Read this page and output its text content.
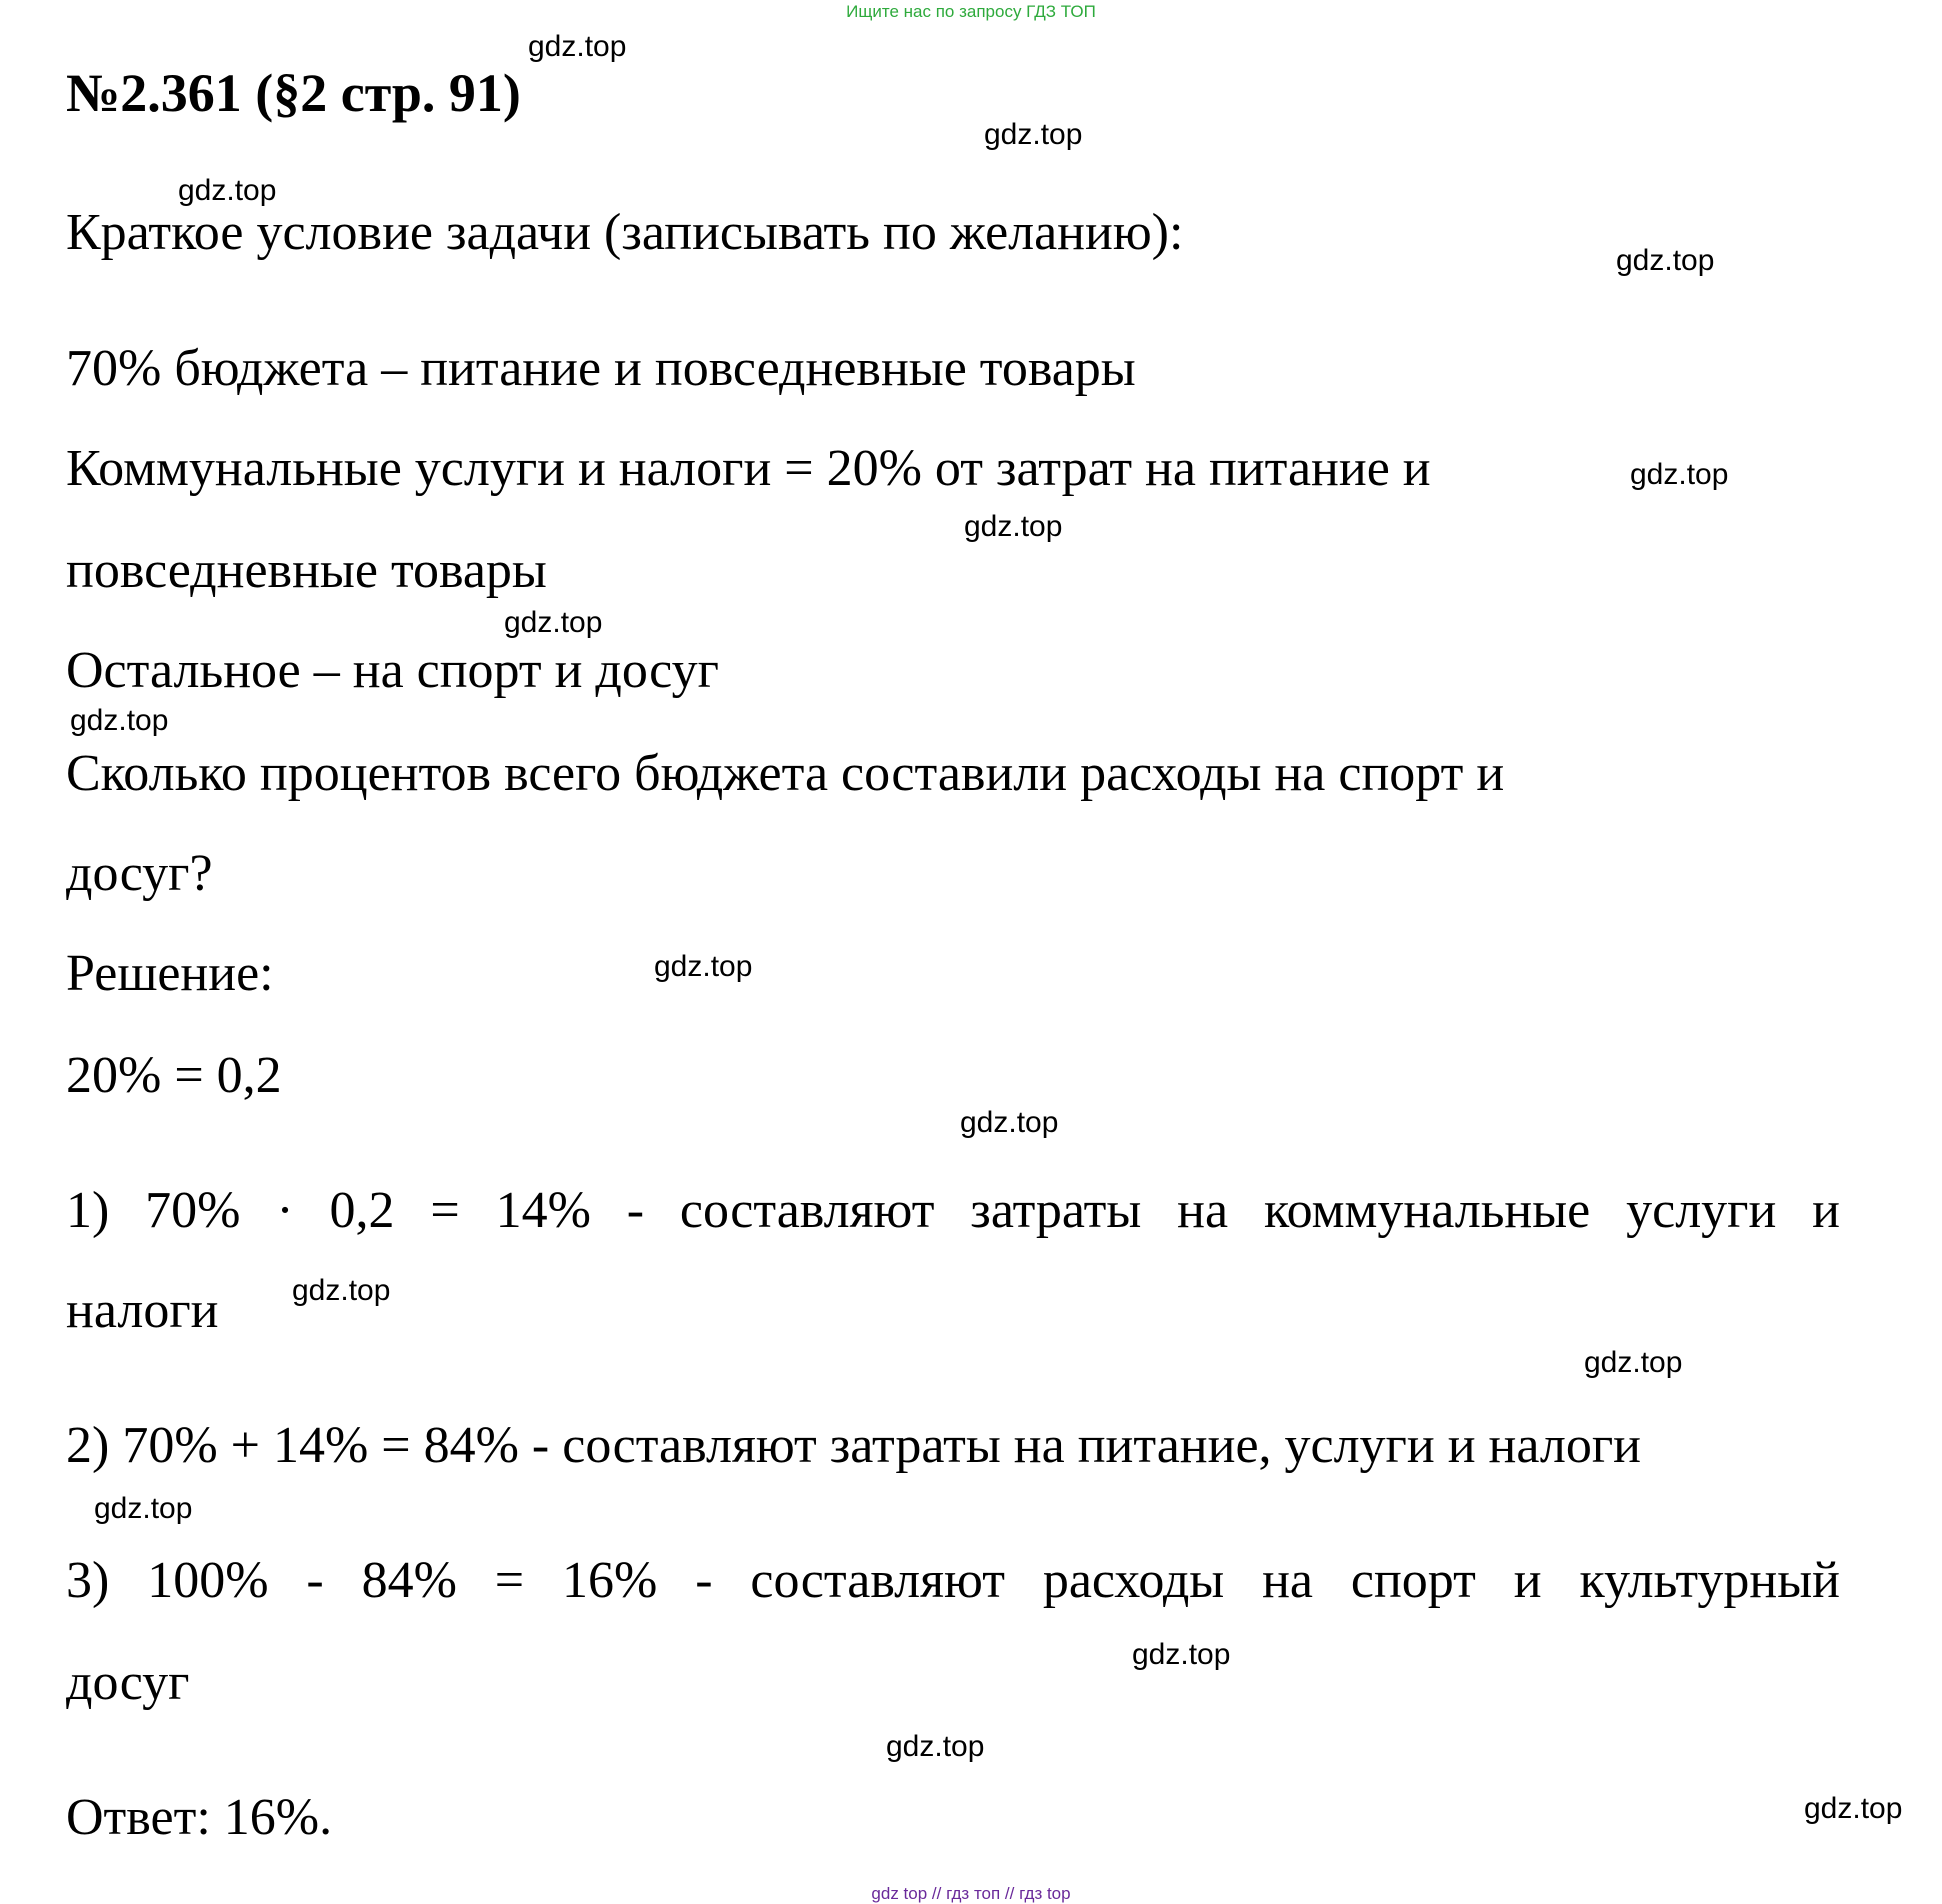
Ищите нас по запросу ГДЗ ТОП
№2.361 (§2 стр. 91)
Краткое условие задачи (записывать по желанию):
70% бюджета – питание и повседневные товары
Коммунальные услуги и налоги = 20% от затрат на питание и
повседневные товары
Остальное – на спорт и досуг
Сколько процентов всего бюджета составили расходы на спорт и
досуг?
Решение:
20% = 0,2
1) 70% · 0,2 = 14% - составляют затраты на коммунальные услуги и
налоги
2) 70% + 14% = 84% - составляют затраты на питание, услуги и налоги
3) 100% - 84% = 16% - составляют расходы на спорт и культурный
досуг
Ответ: 16%.
gdz.top
gdz.top
gdz.top
gdz.top
gdz.top
gdz.top
gdz.top
gdz.top
gdz.top
gdz.top
gdz.top
gdz.top
gdz.top
gdz.top
gdz.top
gdz.top
gdz top // гдз топ // гдз top
